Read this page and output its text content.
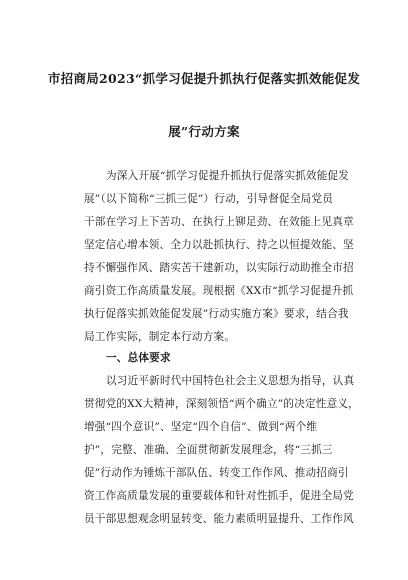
市招商局2023“抓学习促提升抓执行促落实抓效能促发
展”行动方案
为深入开展“抓学习促提升抓执行促落实抓效能促发
展”（以下简称“三抓三促”）行动，引导督促全局党员
干部在学习上下苦功、在执行上铆足劲、在效能上见真章
坚定信心增本领、全力以赴抓执行、持之以恒提效能、坚
持不懈强作风、踏实苦干建新功，以实际行动助推全市招
商引资工作高质量发展。现根据《XX市“抓学习促提升抓
执行促落实抓效能促发展”行动实施方案》要求，结合我
局工作实际，制定本行动方案。
一、总体要求
以习近平新时代中国特色社会主义思想为指导，认真
贯彻党的XX大精神，深刻领悟“两个确立”的决定性意义，
增强“四个意识”、坚定“四个自信”、做到“两个维
护”，完整、准确、全面贯彻新发展理念，将“三抓三
促”行动作为锤炼干部队伍、转变工作作风、推动招商引
资工作高质量发展的重要载体和针对性抓手，促进全局党
员干部思想观念明显转变、能力素质明显提升、工作作风
